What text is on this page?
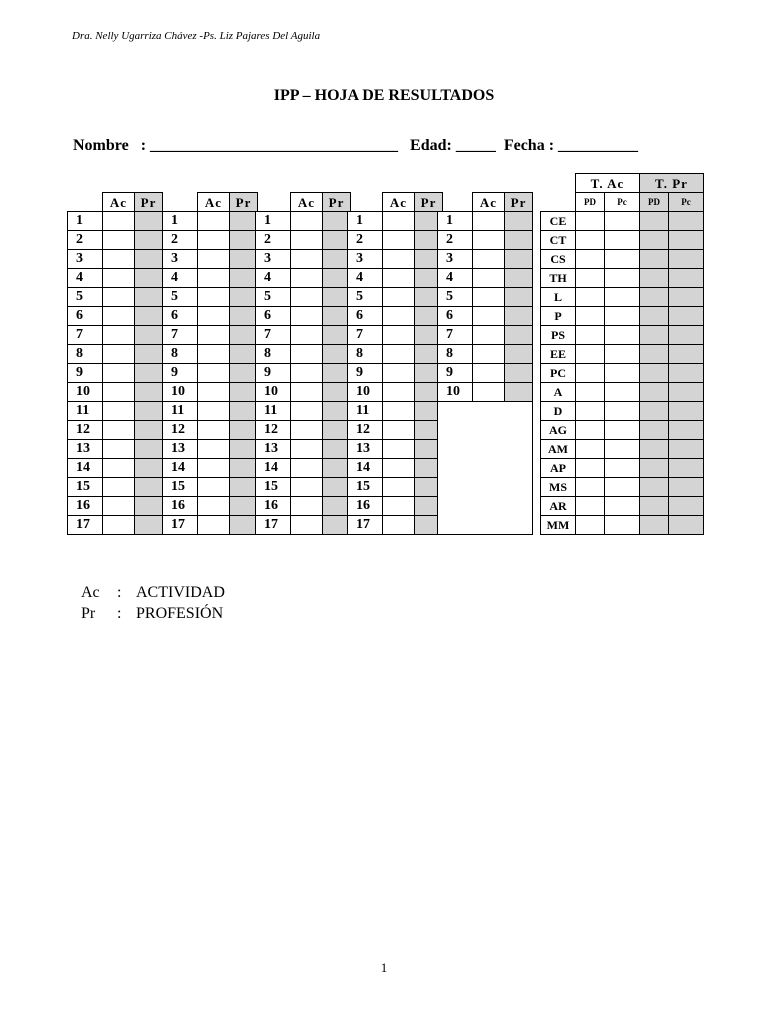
Dra. Nelly Ugarriza Chávez -Ps. Liz Pajares Del Aguila
IPP – HOJA DE RESULTADOS
Nombre   : _______________________________   Edad: _____  Fecha : __________
Ac	Pr
1
2
3
4
5
6
7
8
9
10
11
12
13
14
15
16
17
Ac	Pr
1
2
3
4
5
6
7
8
9
10
11
12
13
14
15
16
17
Ac	Pr
1
2
3
4
5
6
7
8
9
10
11
12
13
14
15
16
17
Ac	Pr
1
2
3
4
5
6
7
8
9
10
11
12
13
14
15
16
17
Ac	Pr
1
2
3
4
5
6
7
8
9
10
T. Ac	T. Pr
PD	Pc	PD	Pc
CE
CT
CS
TH
L
P
PS
EE
PC
A
D
AG
AM
AP
MS
AR
MM

Ac : ACTIVIDAD

Pr : PROFESIÓN

1
